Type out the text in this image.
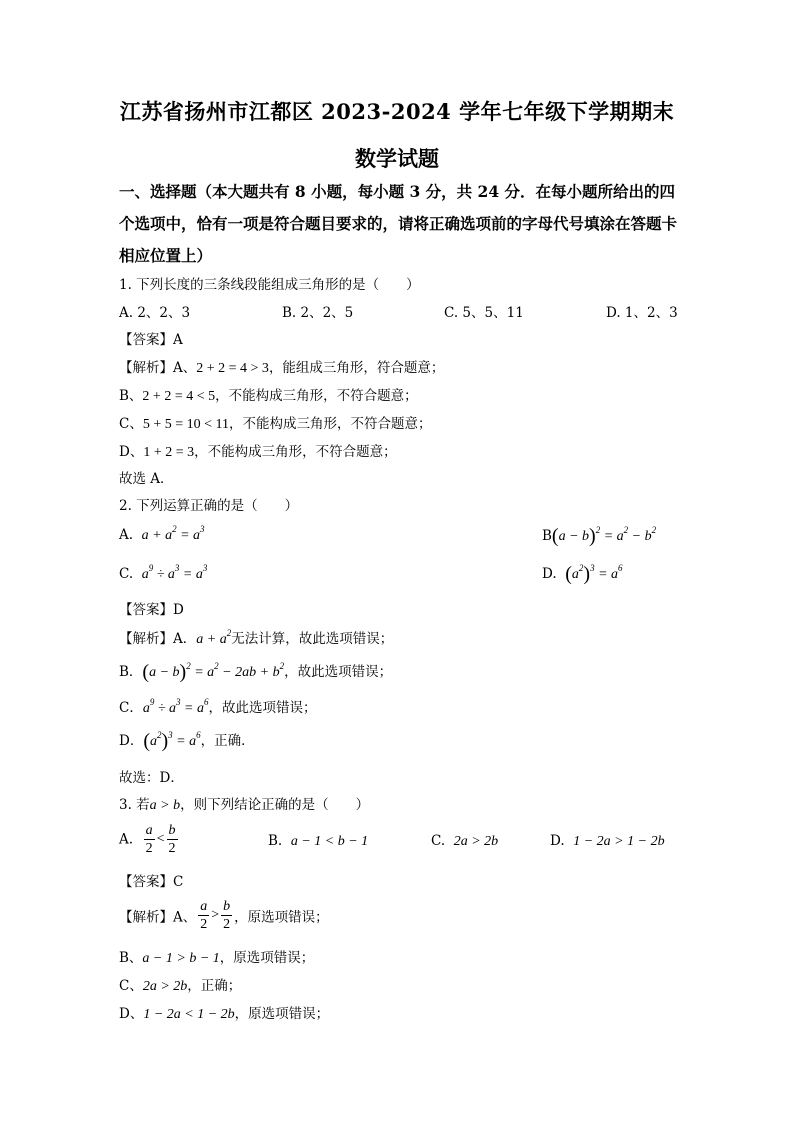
江苏省扬州市江都区 2023-2024 学年七年级下学期期末
数学试题
一、选择题（本大题共有 8 小题，每小题 3 分，共 24 分．在每小题所给出的四个选项中，恰有一项是符合题目要求的，请将正确选项前的字母代号填涂在答题卡相应位置上）
1. 下列长度的三条线段能组成三角形的是（　　）
A. 2、2、3	B. 2、2、5	C. 5、5、11	D. 1、2、3
【答案】A
【解析】A、2 + 2 = 4 > 3，能组成三角形，符合题意；
B、2 + 2 = 4 < 5，不能构成三角形，不符合题意；
C、5 + 5 = 10 < 11，不能构成三角形，不符合题意；
D、1 + 2 = 3，不能构成三角形，不符合题意；
故选 A．
2. 下列运算正确的是（　　）
A. $a + a^2 = a^3$	$B(a - b)^2 = a^2 - b^2$
C. $a^9 \div a^3 = a^3$	D. $(a^2)^3 = a^6$
【答案】D
【解析】A．$a + a^2$无法计算，故此选项错误；
B．$(a - b)^2 = a^2 - 2ab + b^2$，故此选项错误；
C．$a^9 \div a^3 = a^6$，故此选项错误；
D．$(a^2)^3 = a^6$，正确．
故选：D．
3. 若a > b，则下列结论正确的是（　　）
A. $\frac{a}{2} < \frac{b}{2}$	B. a − 1 < b − 1	C. 2a > 2b	D. 1 − 2a > 1 − 2b
【答案】C
【解析】A、 $\frac{a}{2} > \frac{b}{2}$ ，原选项错误；
B、a − 1 > b − 1，原选项错误；
C、2a > 2b，正确；
D、1 − 2a < 1 − 2b，原选项错误；
